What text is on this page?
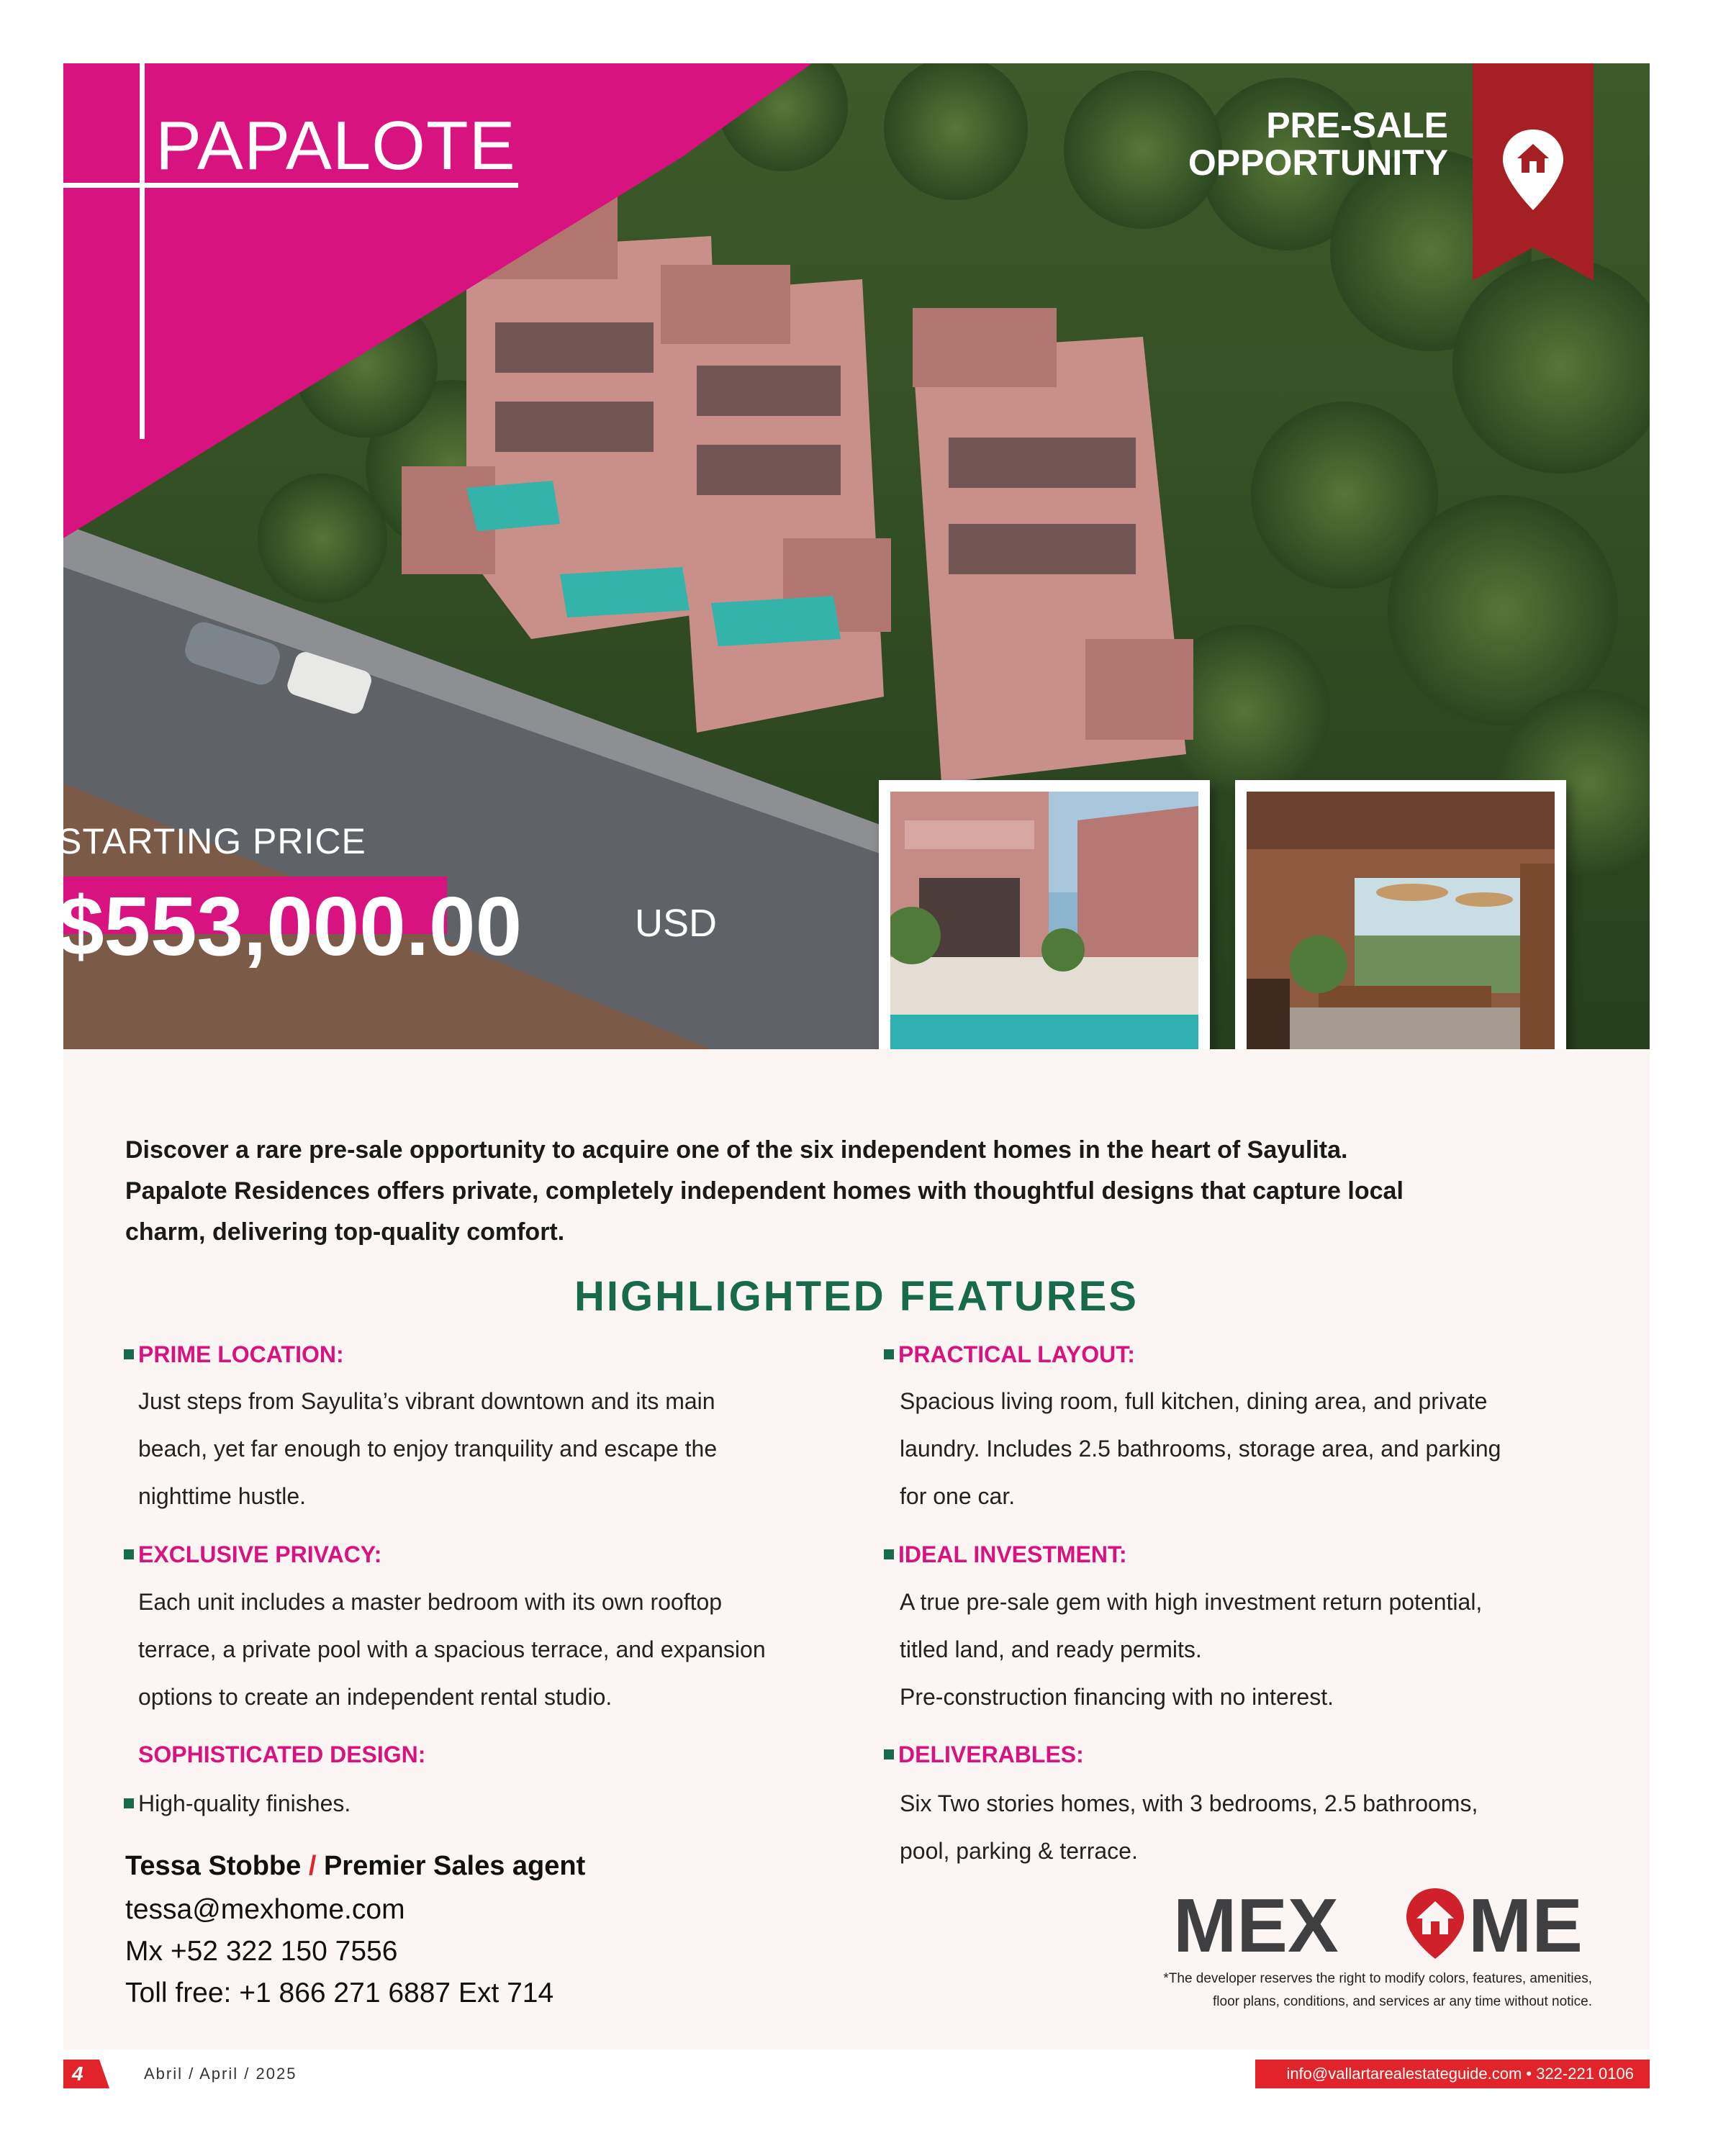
PAPALOTE	PRE-SALE
OPPORTUNITY
STARTING PRICE
$553,000.00	USD

Discover a rare pre-sale opportunity to acquire one of the six independent homes in the heart of Sayulita.

Papalote Residences offers private, completely independent homes with thoughtful designs that capture local

charm, delivering top-quality comfort.

HIGHLIGHTED FEATURES
PRIME LOCATION:

Just steps from Sayulita’s vibrant downtown and its main

beach, yet far enough to enjoy tranquility and escape the

nighttime hustle.

EXCLUSIVE PRIVACY:

Each unit includes a master bedroom with its own rooftop

terrace, a private pool with a spacious terrace, and expansion

options to create an independent rental studio.

SOPHISTICATED DESIGN:

High-quality finishes.

PRACTICAL LAYOUT:

Spacious living room, full kitchen, dining area, and private

laundry. Includes 2.5 bathrooms, storage area, and parking

for one car.

IDEAL INVESTMENT:

A true pre-sale gem with high investment return potential,

titled land, and ready permits.

Pre-construction financing with no interest.

DELIVERABLES:

Six Two stories homes, with 3 bedrooms, 2.5 bathrooms,

pool, parking & terrace.

Tessa Stobbe / Premier Sales agent
tessa@mexhome.com
Mx +52 322 150 7556
Toll free: +1 866 271 6887 Ext 714
MEX ME
*The developer reserves the right to modify colors, features, amenities,
floor plans, conditions, and services ar any time without notice.
4	Abril / April / 2025	info@vallartarealestateguide.com • 322-221 0106
